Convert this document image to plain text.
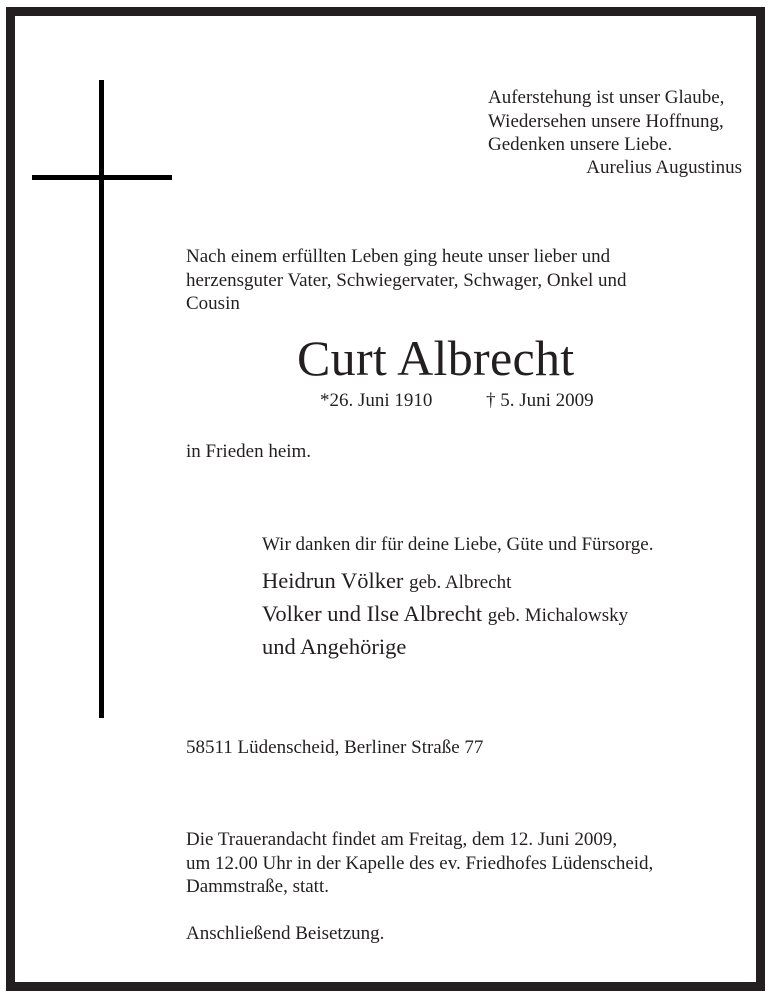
Auferstehung ist unser Glaube,
Wiedersehen unsere Hoffnung,
Gedenken unsere Liebe.
Aurelius Augustinus
Nach einem erfüllten Leben ging heute unser lieber und
herzensguter Vater, Schwiegervater, Schwager, Onkel und
Cousin
Curt Albrecht
*26. Juni 1910	† 5. Juni 2009
in Frieden heim.
Wir danken dir für deine Liebe, Güte und Fürsorge.
Heidrun Völker geb. Albrecht
Volker und Ilse Albrecht geb. Michalowsky
und Angehörige
58511 Lüdenscheid, Berliner Straße 77
Die Trauerandacht findet am Freitag, dem 12. Juni 2009,
um 12.00 Uhr in der Kapelle des ev. Friedhofes Lüdenscheid,
Dammstraße, statt.
Anschließend Beisetzung.
